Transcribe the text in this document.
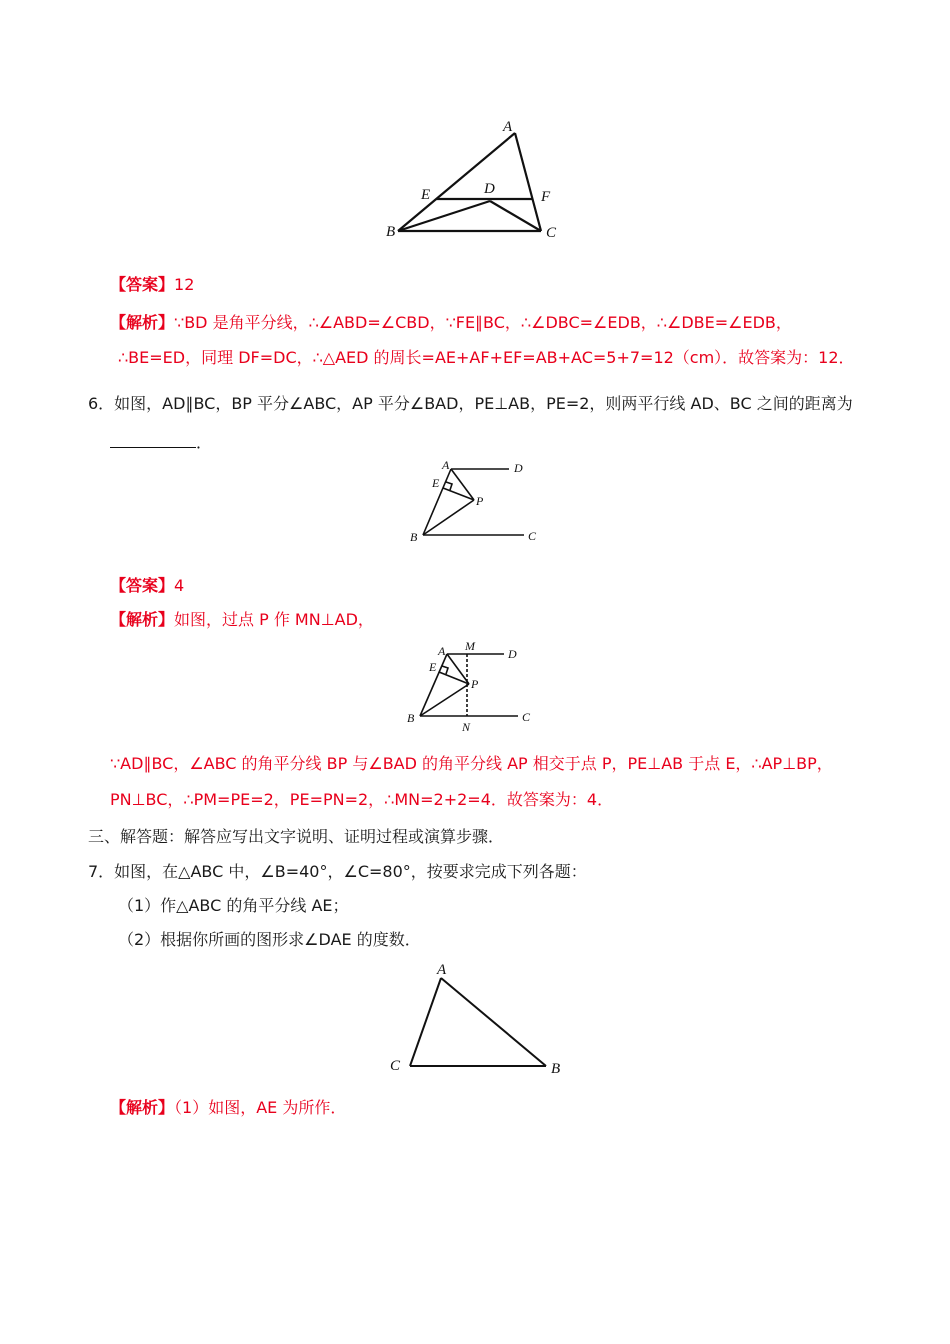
A
E	D	F
B	C
【答案】12
【解析】∵BD 是角平分线，∴∠ABD=∠CBD，∵FE∥BC，∴∠DBC=∠EDB，∴∠DBE=∠EDB，
∴BE=ED，同理 DF=DC，∴△AED 的周长=AE+AF+EF=AB+AC=5+7=12（cm）．故答案为：12．
6．如图，AD∥BC，BP 平分∠ABC，AP 平分∠BAD，PE⊥AB，PE=2，则两平行线 AD、BC 之间的距离为
．
A	D
E
P
B	C
【答案】4
【解析】如图，过点 P 作 MN⊥AD，
A M
D
E
P
B
N
C
∵AD∥BC，∠ABC 的角平分线 BP 与∠BAD 的角平分线 AP 相交于点 P，PE⊥AB 于点 E，∴AP⊥BP，
PN⊥BC，∴PM=PE=2，PE=PN=2，∴MN=2+2=4．故答案为：4．
三、解答题：解答应写出文字说明、证明过程或演算步骤．
7．如图，在△ABC 中，∠B=40°，∠C=80°，按要求完成下列各题：
（1）作△ABC 的角平分线 AE；
（2）根据你所画的图形求∠DAE 的度数．
A
C	B
【解析】（1）如图，AE 为所作．
